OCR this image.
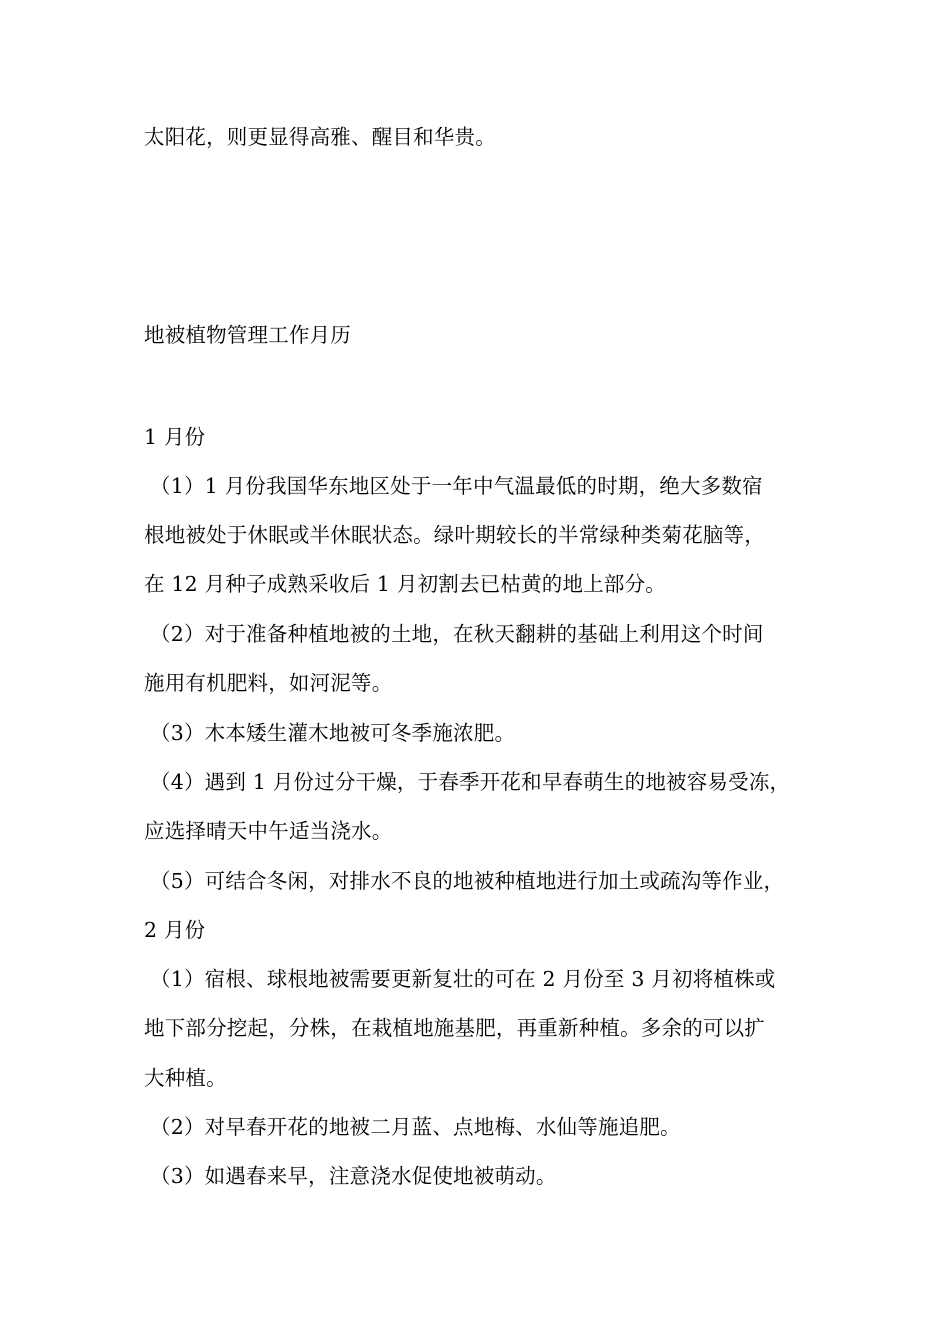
太阳花，则更显得高雅、醒目和华贵。
地被植物管理工作月历
1 月份
（1）1 月份我国华东地区处于一年中气温最低的时期，绝大多数宿
根地被处于休眠或半休眠状态。绿叶期较长的半常绿种类菊花脑等，
在 12 月种子成熟采收后 1 月初割去已枯黄的地上部分。
（2）对于准备种植地被的土地，在秋天翻耕的基础上利用这个时间
施用有机肥料，如河泥等。
（3）木本矮生灌木地被可冬季施浓肥。
（4）遇到 1 月份过分干燥，于春季开花和早春萌生的地被容易受冻，
应选择晴天中午适当浇水。
（5）可结合冬闲，对排水不良的地被种植地进行加土或疏沟等作业，
2 月份
（1）宿根、球根地被需要更新复壮的可在 2 月份至 3 月初将植株或
地下部分挖起，分株，在栽植地施基肥，再重新种植。多余的可以扩
大种植。
（2）对早春开花的地被二月蓝、点地梅、水仙等施追肥。
（3）如遇春来早，注意浇水促使地被萌动。
